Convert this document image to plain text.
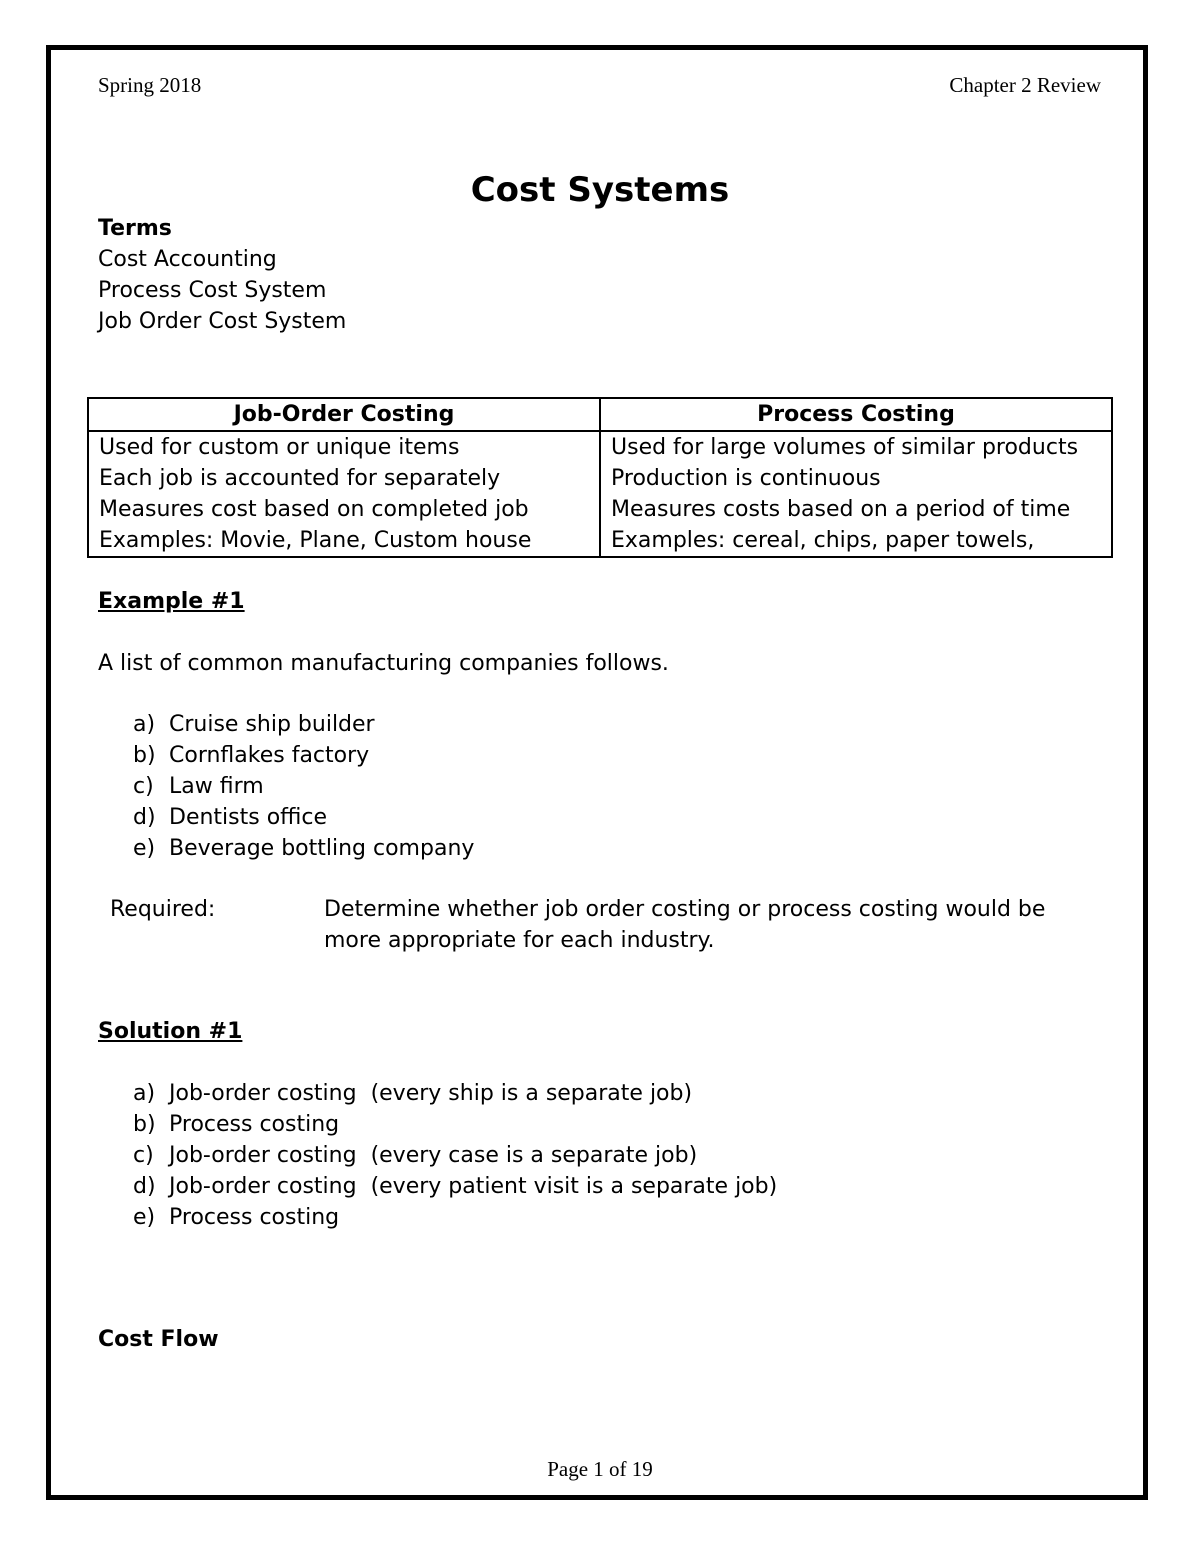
Spring 2018	Chapter 2 Review
Cost Systems
Terms
Cost Accounting
Process Cost System
Job Order Cost System
Job-Order Costing	Process Costing
Used for custom or unique items	Used for large volumes of similar products
Each job is accounted for separately	Production is continuous
Measures cost based on completed job	Measures costs based on a period of time
Examples: Movie, Plane, Custom house	Examples: cereal, chips, paper towels,
Example #1
A list of common manufacturing companies follows.
a) Cruise ship builder
b) Cornflakes factory
c) Law firm
d) Dentists office
e) Beverage bottling company
Required:	Determine whether job order costing or process costing would be
more appropriate for each industry.
Solution #1
a) Job-order costing  (every ship is a separate job)
b) Process costing
c) Job-order costing  (every case is a separate job)
d) Job-order costing  (every patient visit is a separate job)
e) Process costing
Cost Flow
Page 1 of 19
